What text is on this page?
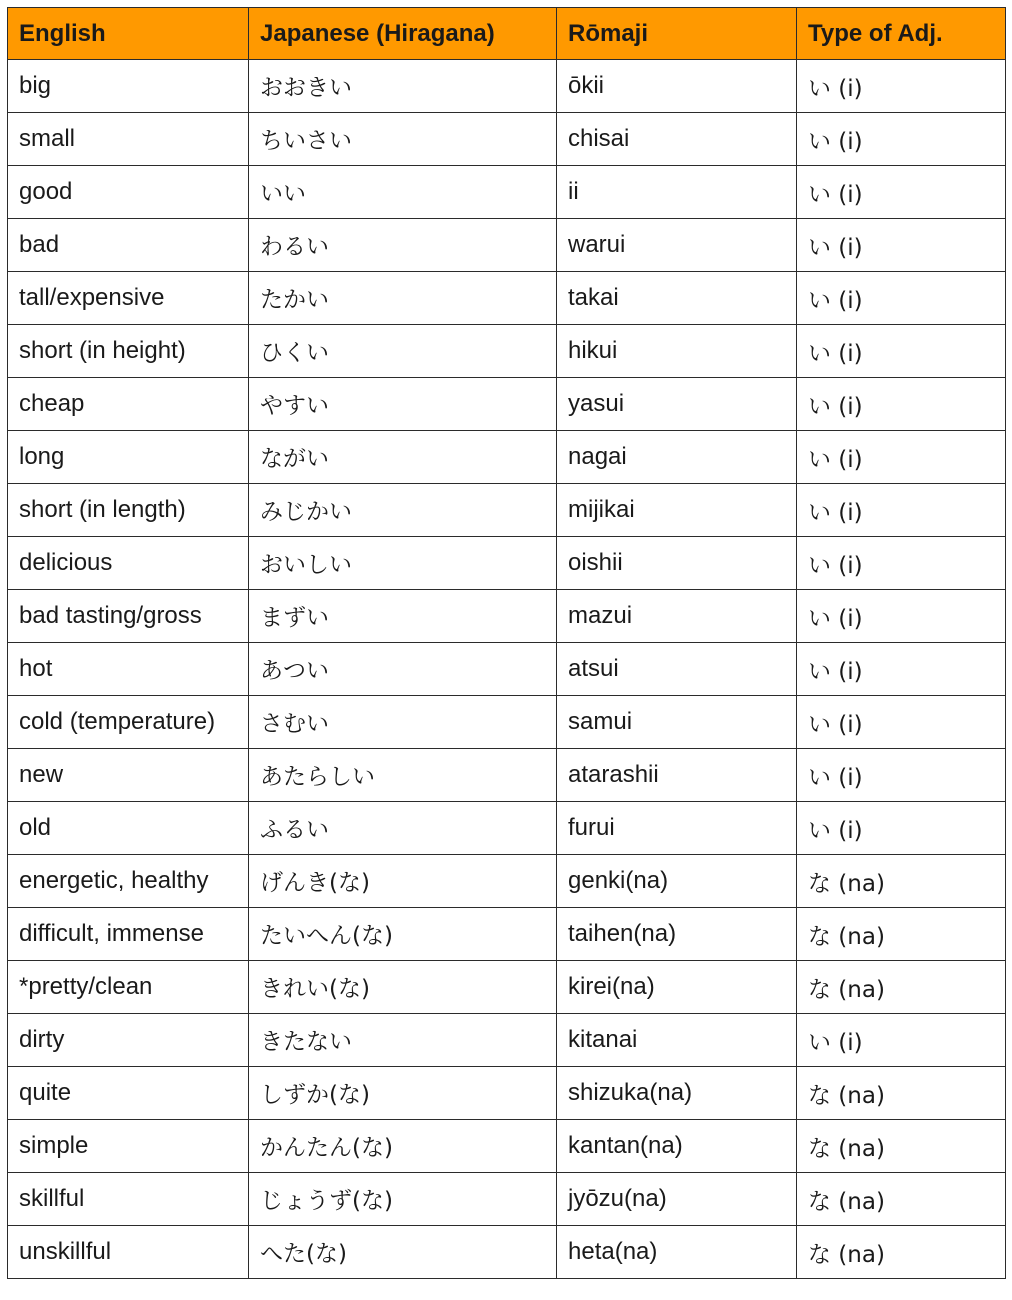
English	Japanese (Hiragana)	Rōmaji	Type of Adj.
big	おおきい	ōkii	い (i)
small	ちいさい	chisai	い (i)
good	いい	ii	い (i)
bad	わるい	warui	い (i)
tall/expensive	たかい	takai	い (i)
short (in height)	ひくい	hikui	い (i)
cheap	やすい	yasui	い (i)
long	ながい	nagai	い (i)
short (in length)	みじかい	mijikai	い (i)
delicious	おいしい	oishii	い (i)
bad tasting/gross	まずい	mazui	い (i)
hot	あつい	atsui	い (i)
cold (temperature)	さむい	samui	い (i)
new	あたらしい	atarashii	い (i)
old	ふるい	furui	い (i)
energetic, healthy	げんき(な)	genki(na)	な (na)
difficult, immense	たいへん(な)	taihen(na)	な (na)
*pretty/clean	きれい(な)	kirei(na)	な (na)
dirty	きたない	kitanai	い (i)
quite	しずか(な)	shizuka(na)	な (na)
simple	かんたん(な)	kantan(na)	な (na)
skillful	じょうず(な)	jyōzu(na)	な (na)
unskillful	へた(な)	heta(na)	な (na)
